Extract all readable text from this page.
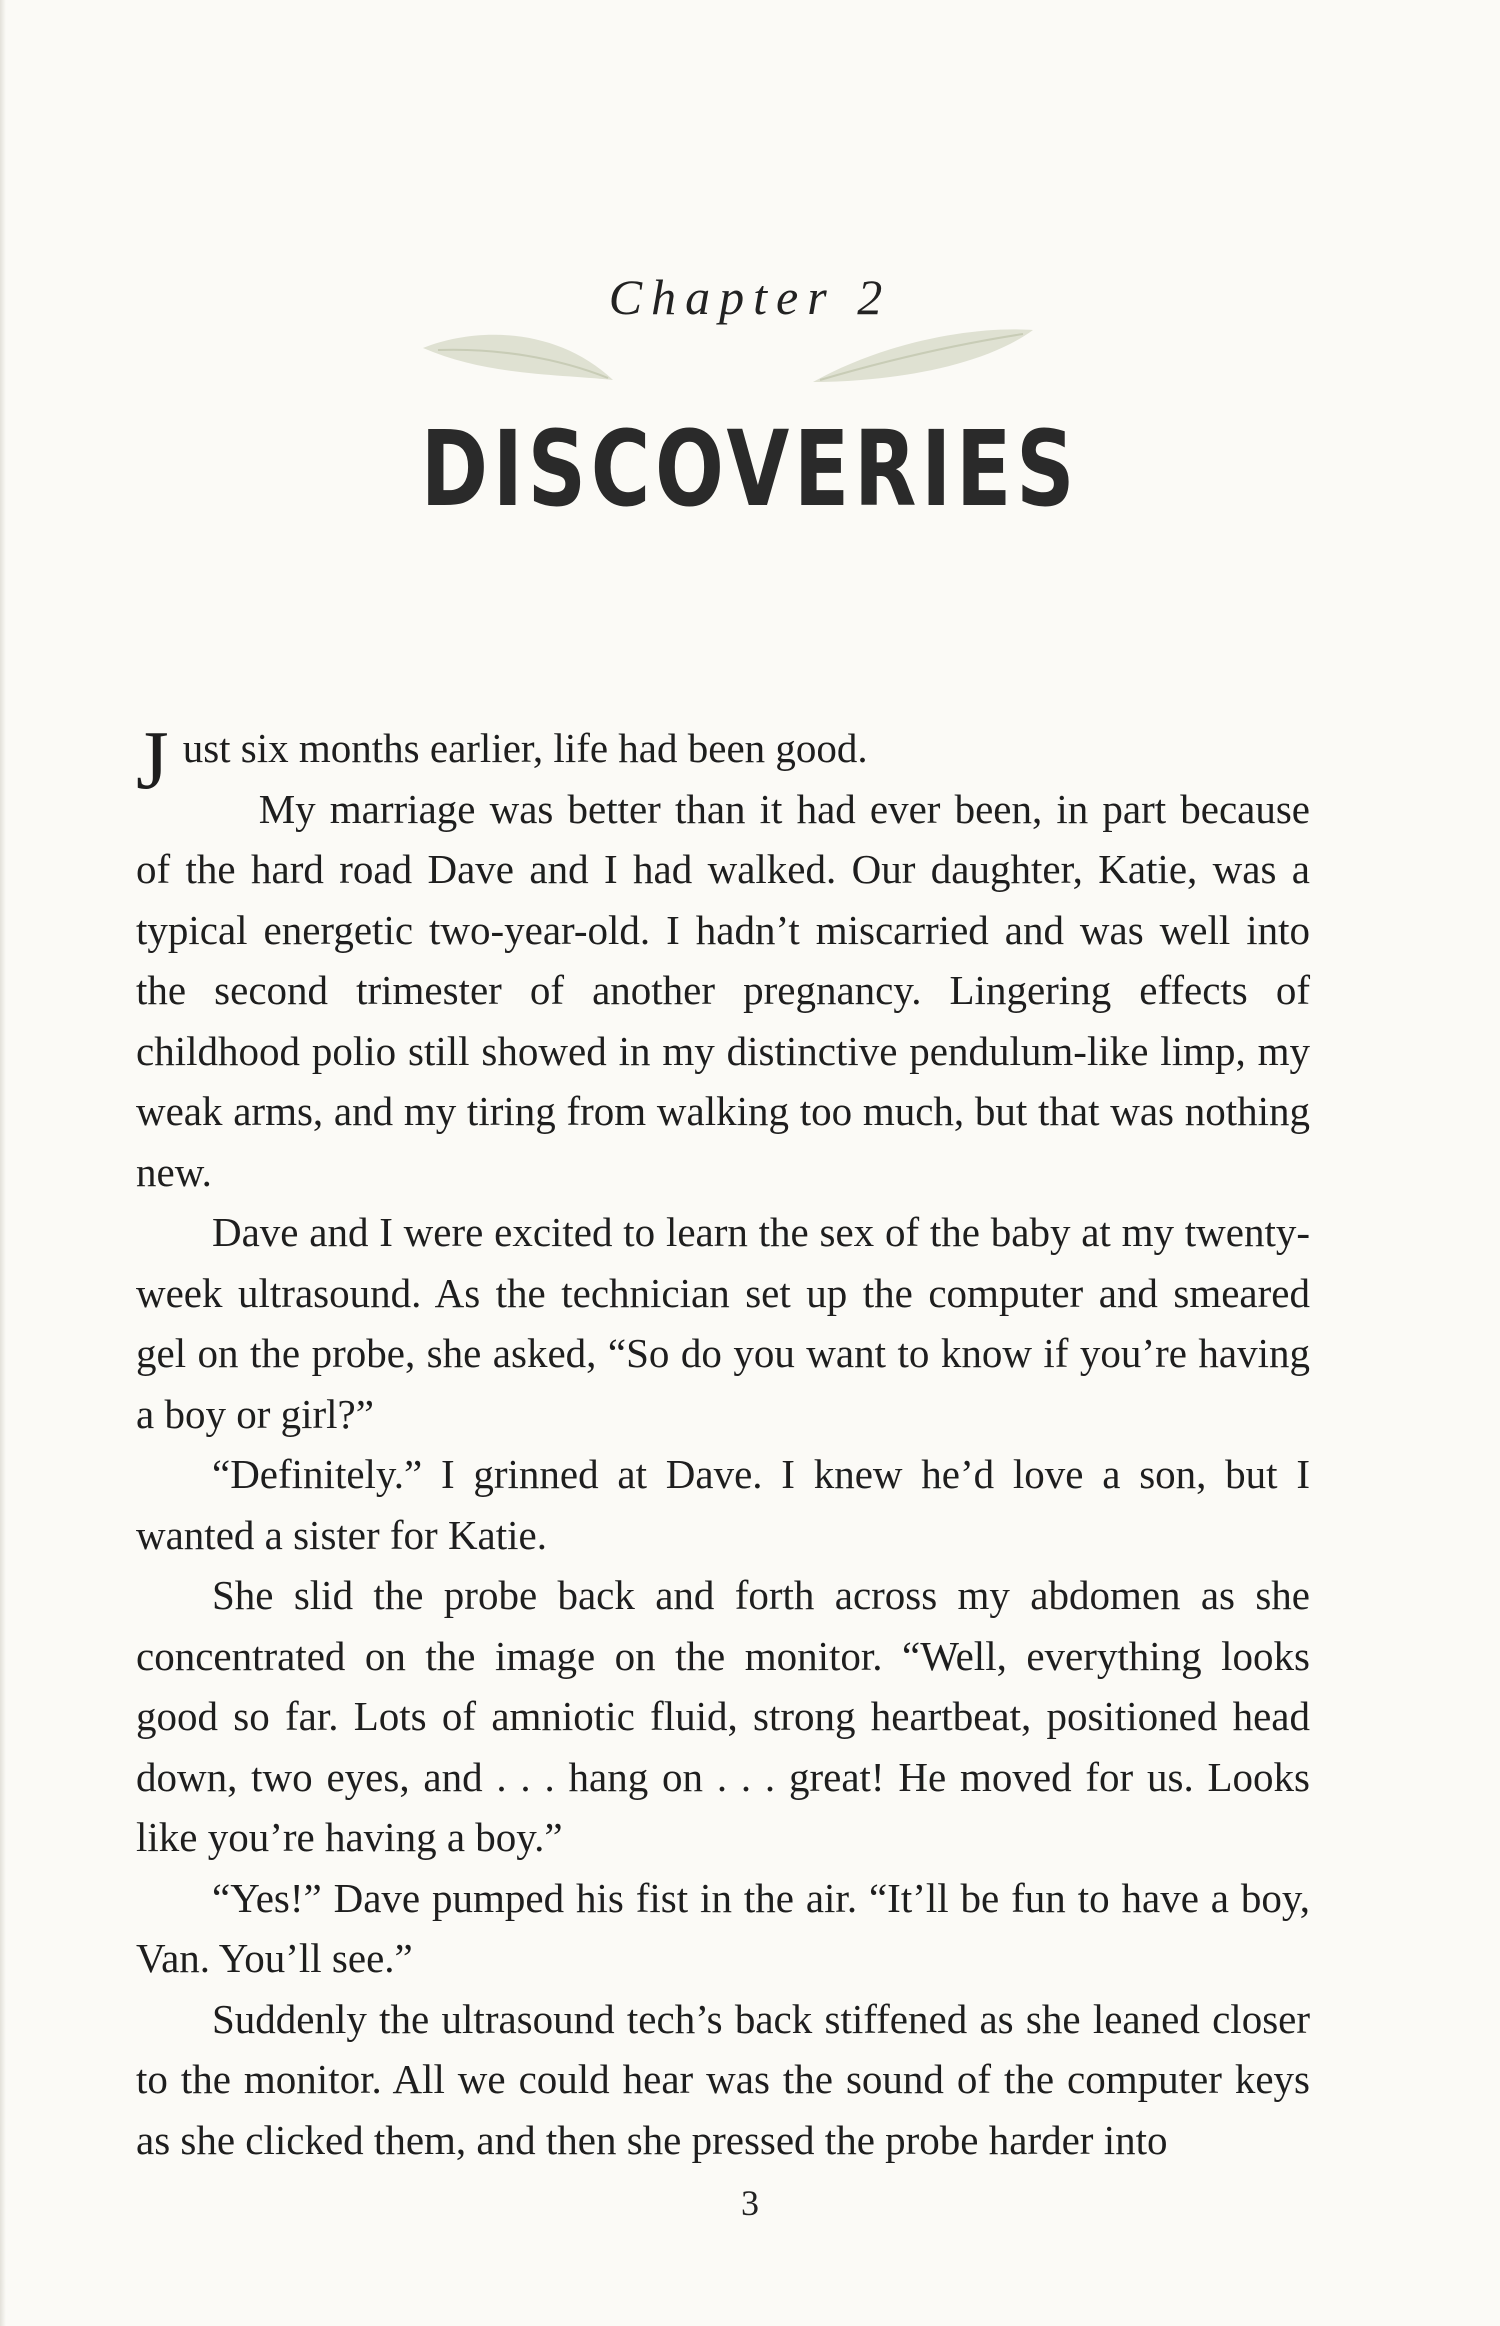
Chapter 2
DISCOVERIES

Just six months earlier, life had been good.

My marriage was better than it had ever been, in part because of the hard road Dave and I had walked. Our daughter, Katie, was a typical energetic two-year-old. I hadn’t miscarried and was well into the second trimester of another pregnancy. Lingering effects of childhood polio still showed in my distinctive pendulum-like limp, my weak arms, and my tiring from walking too much, but that was nothing new.

Dave and I were excited to learn the sex of the baby at my twenty-week ultrasound. As the technician set up the computer and smeared gel on the probe, she asked, “So do you want to know if you’re having a boy or girl?”

“Definitely.” I grinned at Dave. I knew he’d love a son, but I wanted a sister for Katie.

She slid the probe back and forth across my abdomen as she concentrated on the image on the monitor. “Well, everything looks good so far. Lots of amniotic fluid, strong heartbeat, positioned head down, two eyes, and . . . hang on . . . great! He moved for us. Looks like you’re having a boy.”

“Yes!” Dave pumped his fist in the air. “It’ll be fun to have a boy, Van. You’ll see.”

Suddenly the ultrasound tech’s back stiffened as she leaned closer to the monitor. All we could hear was the sound of the computer keys as she clicked them, and then she pressed the probe harder into

3
